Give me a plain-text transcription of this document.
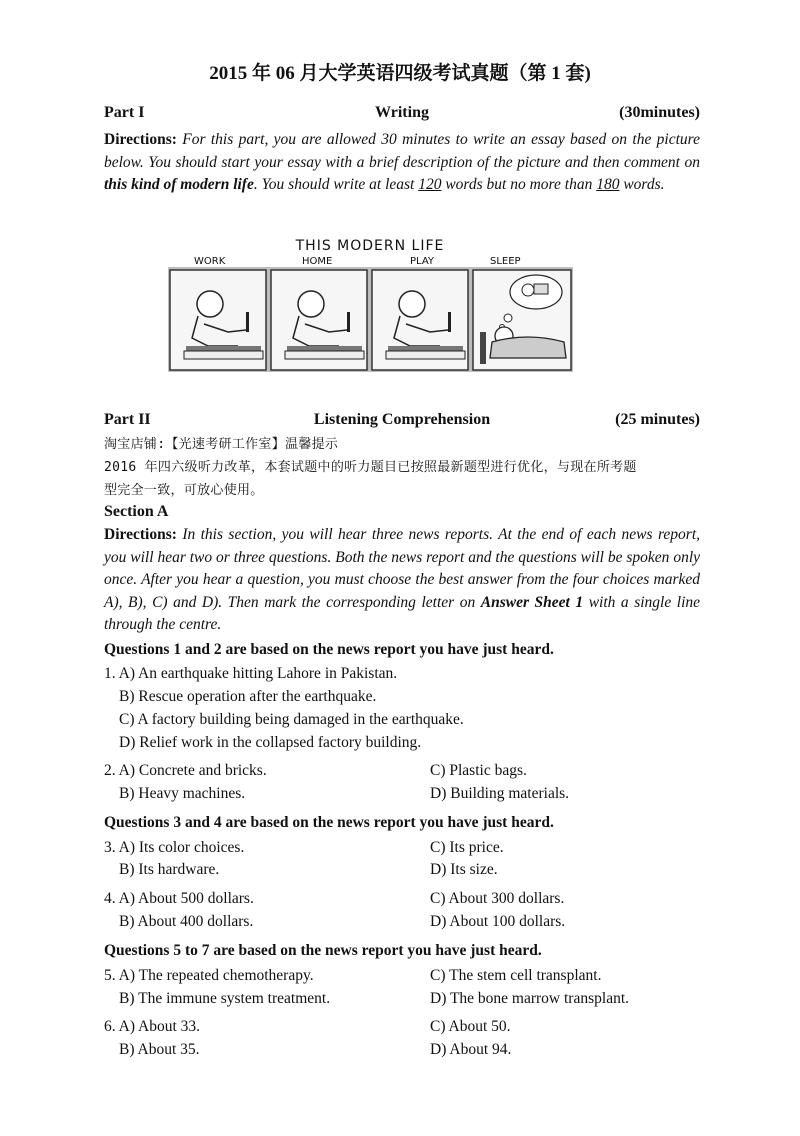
2015 年 06 月大学英语四级考试真题（第 1 套)
Part I	Writing	(30minutes)
Directions: For this part, you are allowed 30 minutes to write an essay based on the picture below. You should start your essay with a brief description of the picture and then comment on this kind of modern life. You should write at least 120 words but no more than 180 words.
THIS MODERN LIFE
WORK	HOME	PLAY	SLEEP
Part II	Listening Comprehension	(25 minutes)
淘宝店铺:【光速考研工作室】温馨提示
2016 年四六级听力改革，本套试题中的听力题目已按照最新题型进行优化，与现在所考题
型完全一致，可放心使用。
Section A
Directions: In this section, you will hear three news reports. At the end of each news report, you will hear two or three questions. Both the news report and the questions will be spoken only once. After you hear a question, you must choose the best answer from the four choices marked A), B), C) and D). Then mark the corresponding letter on Answer Sheet 1 with a single line through the centre.
Questions 1 and 2 are based on the news report you have just heard.
1. A) An earthquake hitting Lahore in Pakistan.
B) Rescue operation after the earthquake.
C) A factory building being damaged in the earthquake.
D) Relief work in the collapsed factory building.
2. A) Concrete and bricks.	C) Plastic bags.
B) Heavy machines.	D) Building materials.
Questions 3 and 4 are based on the news report you have just heard.
3. A) Its color choices.	C) Its price.
B) Its hardware.	D) Its size.
4. A) About 500 dollars.	C) About 300 dollars.
B) About 400 dollars.	D) About 100 dollars.
Questions 5 to 7 are based on the news report you have just heard.
5. A) The repeated chemotherapy.	C) The stem cell transplant.
B) The immune system treatment.	D) The bone marrow transplant.
6. A) About 33.	C) About 50.
B) About 35.	D) About 94.
